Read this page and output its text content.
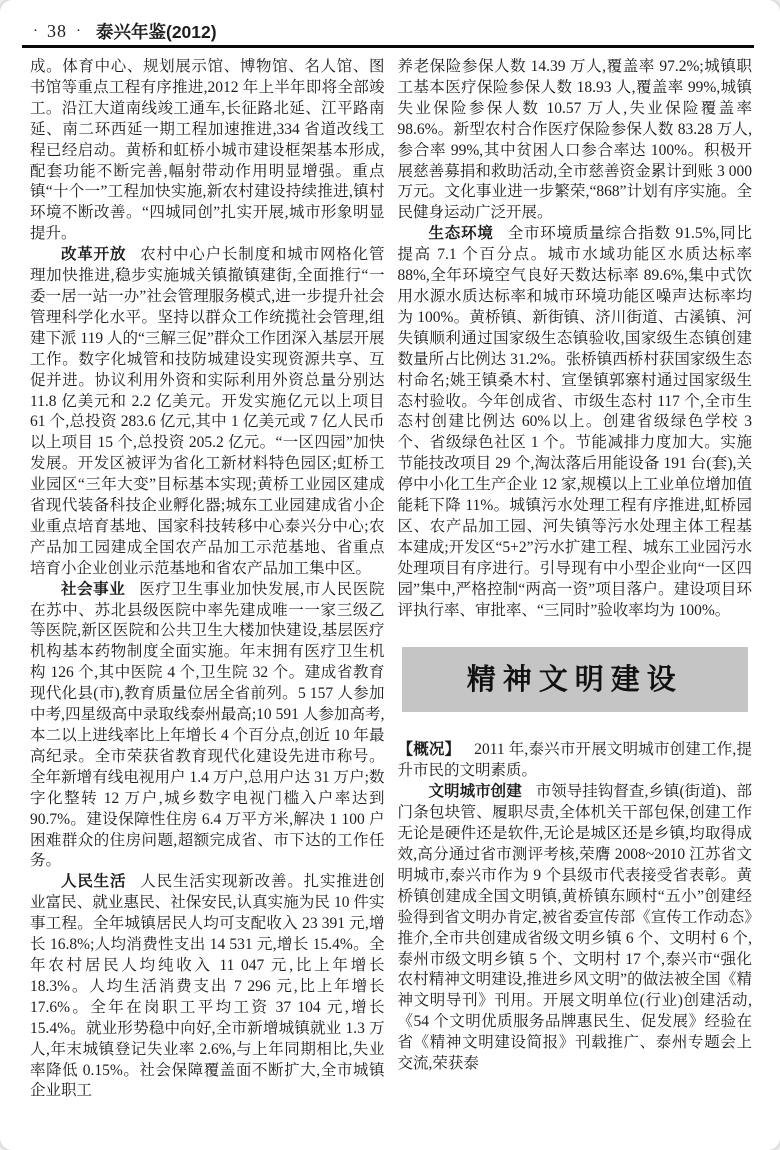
· 38 · 泰兴年鉴(2012)

成。体育中心、规划展示馆、博物馆、名人馆、图书馆等重点工程有序推进,2012 年上半年即将全部竣工。沿江大道南线竣工通车,长征路北延、江平路南延、南二环西延一期工程加速推进,334 省道改线工程已经启动。黄桥和虹桥小城市建设框架基本形成,配套功能不断完善,幅射带动作用明显增强。重点镇“十个一”工程加快实施,新农村建设持续推进,镇村环境不断改善。“四城同创”扎实开展,城市形象明显提升。

改革开放 农村中心户长制度和城市网格化管理加快推进,稳步实施城关镇撤镇建街,全面推行“一委一居一站一办”社会管理服务模式,进一步提升社会管理科学化水平。坚持以群众工作统揽社会管理,组建下派 119 人的“三解三促”群众工作团深入基层开展工作。数字化城管和技防城建设实现资源共享、互促并进。协议利用外资和实际利用外资总量分别达 11.8 亿美元和 2.2 亿美元。开发实施亿元以上项目 61 个,总投资 283.6 亿元,其中 1 亿美元或 7 亿人民币以上项目 15 个,总投资 205.2 亿元。“一区四园”加快发展。开发区被评为省化工新材料特色园区;虹桥工业园区“三年大变”目标基本实现;黄桥工业园区建成省现代装备科技企业孵化器;城东工业园建成省小企业重点培育基地、国家科技转移中心泰兴分中心;农产品加工园建成全国农产品加工示范基地、省重点培育小企业创业示范基地和省农产品加工集中区。

社会事业 医疗卫生事业加快发展,市人民医院在苏中、苏北县级医院中率先建成唯一一家三级乙等医院,新区医院和公共卫生大楼加快建设,基层医疗机构基本药物制度全面实施。年末拥有医疗卫生机构 126 个,其中医院 4 个,卫生院 32 个。建成省教育现代化县(市),教育质量位居全省前列。5 157 人参加中考,四星级高中录取线泰州最高;10 591 人参加高考,本二以上进线率比上年增长 4 个百分点,创近 10 年最高纪录。全市荣获省教育现代化建设先进市称号。全年新增有线电视用户 1.4 万户,总用户达 31 万户;数字化整转 12 万户,城乡数字电视门槛入户率达到 90.7%。建设保障性住房 6.4 万平方米,解决 1 100 户困难群众的住房问题,超额完成省、市下达的工作任务。

人民生活 人民生活实现新改善。扎实推进创业富民、就业惠民、社保安民,认真实施为民 10 件实事工程。全年城镇居民人均可支配收入 23 391 元,增长 16.8%;人均消费性支出 14 531 元,增长 15.4%。全年农村居民人均纯收入 11 047 元,比上年增长 18.3%。人均生活消费支出 7 296 元,比上年增长 17.6%。全年在岗职工平均工资 37 104 元,增长 15.4%。就业形势稳中向好,全市新增城镇就业 1.3 万人,年末城镇登记失业率 2.6%,与上年同期相比,失业率降低 0.15%。社会保障覆盖面不断扩大,全市城镇企业职工

养老保险参保人数 14.39 万人,覆盖率 97.2%;城镇职工基本医疗保险参保人数 18.93 人,覆盖率 99%,城镇失业保险参保人数 10.57 万人,失业保险覆盖率 98.6%。新型农村合作医疗保险参保人数 83.28 万人,参合率 99%,其中贫困人口参合率达 100%。积极开展慈善募捐和救助活动,全市慈善资金累计到账 3 000 万元。文化事业进一步繁荣,“868”计划有序实施。全民健身运动广泛开展。

生态环境 全市环境质量综合指数 91.5%,同比提高 7.1 个百分点。城市水域功能区水质达标率 88%,全年环境空气良好天数达标率 89.6%,集中式饮用水源水质达标率和城市环境功能区噪声达标率均为 100%。黄桥镇、新街镇、济川街道、古溪镇、河失镇顺利通过国家级生态镇验收,国家级生态镇创建数量所占比例达 31.2%。张桥镇西桥村获国家级生态村命名;姚王镇桑木村、宣堡镇郭寨村通过国家级生态村验收。今年创成省、市级生态村 117 个,全市生态村创建比例达 60%以上。创建省级绿色学校 3 个、省级绿色社区 1 个。节能减排力度加大。实施节能技改项目 29 个,淘汰落后用能设备 191 台(套),关停中小化工生产企业 12 家,规模以上工业单位增加值能耗下降 11%。城镇污水处理工程有序推进,虹桥园区、农产品加工园、河失镇等污水处理主体工程基本建成;开发区“5+2”污水扩建工程、城东工业园污水处理项目有序进行。引导现有中小型企业向“一区四园”集中,严格控制“两高一资”项目落户。建设项目环评执行率、审批率、“三同时”验收率均为 100%。

精神文明建设

【概况】 2011 年,泰兴市开展文明城市创建工作,提升市民的文明素质。

文明城市创建 市领导挂钩督查,乡镇(街道)、部门条包块管、履职尽责,全体机关干部包保,创建工作无论是硬件还是软件,无论是城区还是乡镇,均取得成效,高分通过省市测评考核,荣膺 2008~2010 江苏省文明城市,泰兴市作为 9 个县级市代表接受省表彰。黄桥镇创建成全国文明镇,黄桥镇东顾村“五小”创建经验得到省文明办肯定,被省委宣传部《宣传工作动态》推介,全市共创建成省级文明乡镇 6 个、文明村 6 个,泰州市级文明乡镇 5 个、文明村 17 个,泰兴市“强化农村精神文明建设,推进乡风文明”的做法被全国《精神文明导刊》刊用。开展文明单位(行业)创建活动,《54 个文明优质服务品牌惠民生、促发展》经验在省《精神文明建设简报》刊载推广、泰州专题会上交流,荣获泰
